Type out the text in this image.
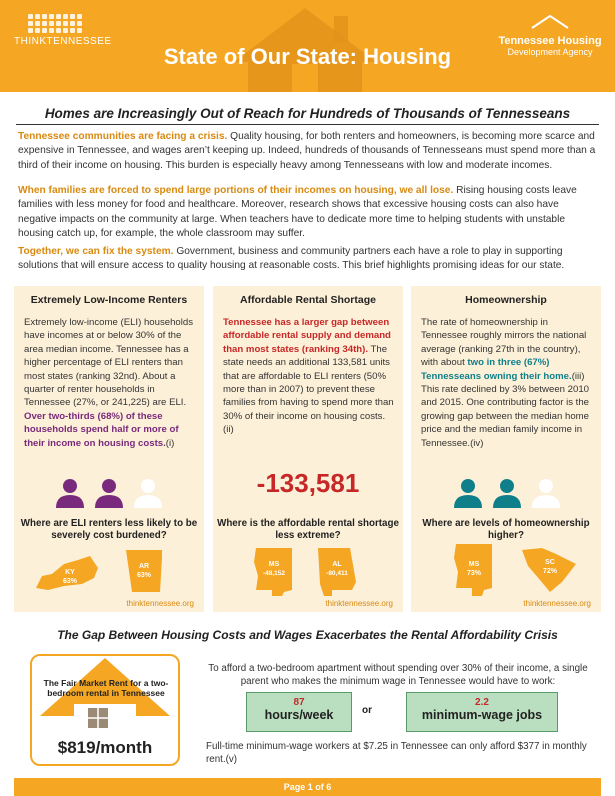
THINKTENNESSEE
State of Our State: Housing
Tennessee Housing
Development Agency
Homes are Increasingly Out of Reach for Hundreds of Thousands of Tennesseans
Tennessee communities are facing a crisis. Quality housing, for both renters and homeowners, is becoming more scarce and expensive in Tennessee, and wages aren’t keeping up. Indeed, hundreds of thousands of Tennesseans must spend more than a third of their income on housing. This burden is especially heavy among Tennesseans with low and moderate incomes.
When families are forced to spend large portions of their incomes on housing, we all lose. Rising housing costs leave families with less money for food and healthcare. Moreover, research shows that excessive housing costs can also have negative impacts on the community at large. When teachers have to dedicate more time to helping students with unstable housing catch up, for example, the whole classroom may suffer.
Together, we can fix the system. Government, business and community partners each have a role to play in supporting solutions that will ensure access to quality housing at reasonable costs. This brief highlights promising ideas for our state.
Extremely Low-Income Renters
Extremely low-income (ELI) households have incomes at or below 30% of the area median income. Tennessee has a higher percentage of ELI renters than most states (ranking 32nd). About a quarter of renter households in Tennessee (27%, or 241,225) are ELI. Over two-thirds (68%) of these households spend half or more of their income on housing costs.(i)
Where are ELI renters less likely to be severely cost burdened?
KY
63%
AR
63%
thinktennessee.org
Affordable Rental Shortage
Tennessee has a larger gap between affordable rental supply and demand than most states (ranking 34th). The state needs an additional 133,581 units that are affordable to ELI renters (50% more than in 2007) to prevent these families from having to spend more than 30% of their income on housing costs.(ii)
-133,581
Where is the affordable rental shortage less extreme?
MS
-48,152
AL
-80,411
thinktennessee.org
Homeownership
The rate of homeownership in Tennessee roughly mirrors the national average (ranking 27th in the country), with about two in three (67%) Tennesseans owning their home.(iii) This rate declined by 3% between 2010 and 2015. One contributing factor is the growing gap between the median home price and the median family income in Tennessee.(iv)
Where are levels of homeownership higher?
MS
73%
SC
72%
thinktennessee.org
The Gap Between Housing Costs and Wages Exacerbates the Rental Affordability Crisis
The Fair Market Rent for a two-bedroom rental in Tennessee
$819/month
To afford a two-bedroom apartment without spending over 30% of their income, a single parent who makes the minimum wage in Tennessee would have to work:
87
hours/week	or
2.2
minimum-wage jobs
Full-time minimum-wage workers at $7.25 in Tennessee can only afford $377 in monthly rent.(v)
Page 1 of 6
